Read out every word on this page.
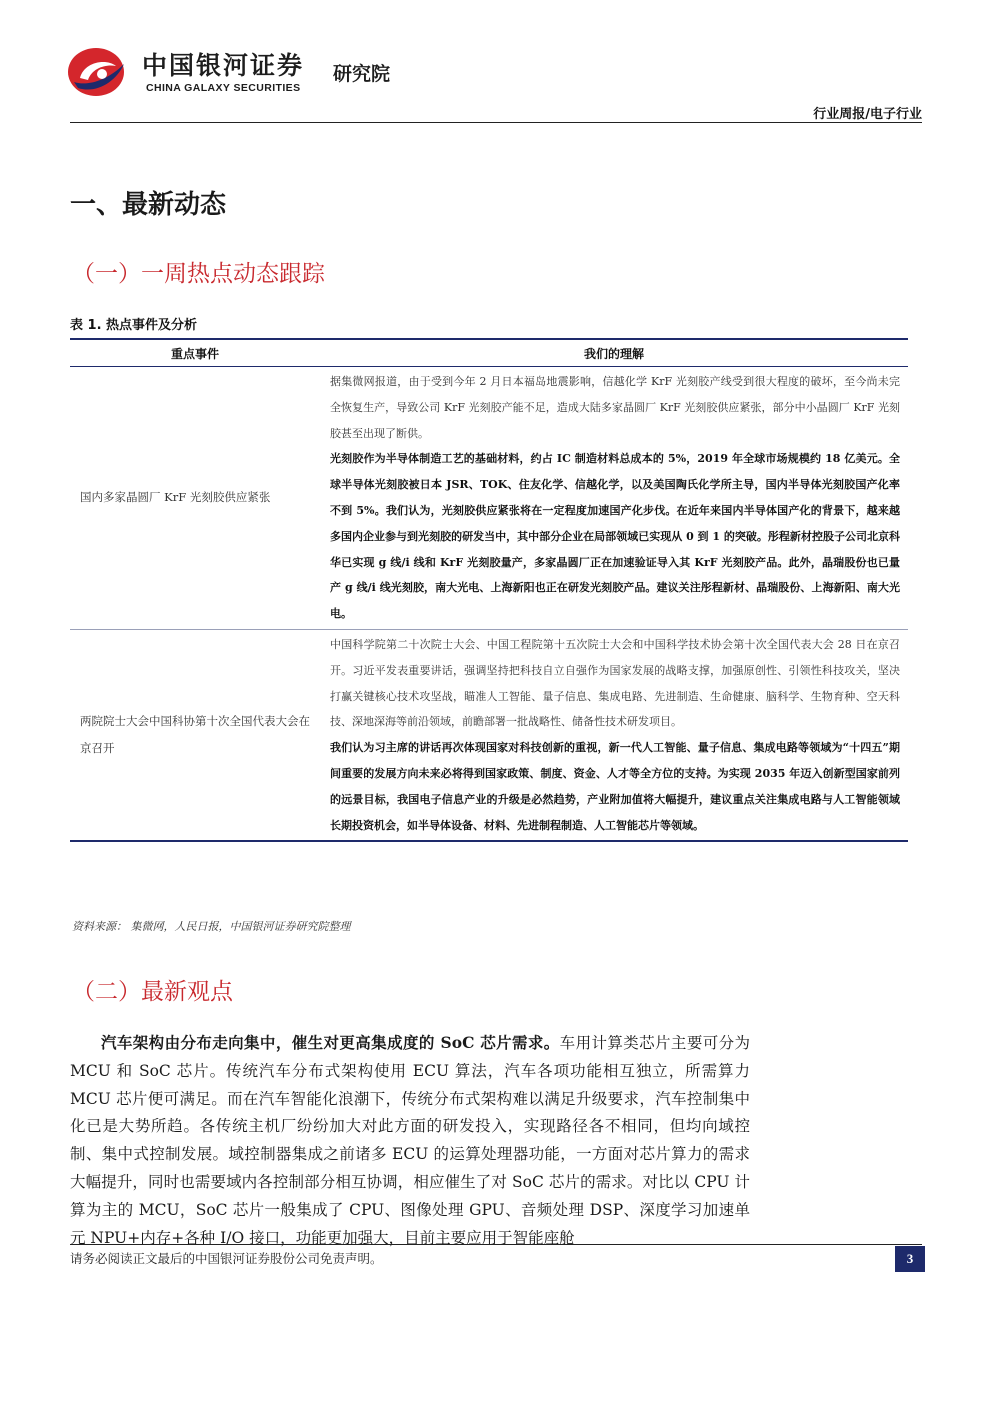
中国银河证券
CHINA GALAXY SECURITIES
研究院
行业周报/电子行业
一、最新动态
（一）一周热点动态跟踪
表 1. 热点事件及分析
重点事件	我们的理解
国内多家晶圆厂 KrF 光刻胶供应紧张

据集微网报道，由于受到今年 2 月日本福岛地震影响，信越化学 KrF 光刻胶产线受到很大程度的破坏，至今尚未完全恢复生产，导致公司 KrF 光刻胶产能不足，造成大陆多家晶圆厂 KrF 光刻胶供应紧张，部分中小晶圆厂 KrF 光刻胶甚至出现了断供。

光刻胶作为半导体制造工艺的基础材料，约占 IC 制造材料总成本的 5%，2019 年全球市场规模约 18 亿美元。全球半导体光刻胶被日本 JSR、TOK、住友化学、信越化学，以及美国陶氏化学所主导，国内半导体光刻胶国产化率不到 5%。我们认为，光刻胶供应紧张将在一定程度加速国产化步伐。在近年来国内半导体国产化的背景下，越来越多国内企业参与到光刻胶的研发当中，其中部分企业在局部领域已实现从 0 到 1 的突破。彤程新材控股子公司北京科华已实现 g 线/i 线和 KrF 光刻胶量产，多家晶圆厂正在加速验证导入其 KrF 光刻胶产品。此外，晶瑞股份也已量产 g 线/i 线光刻胶，南大光电、上海新阳也正在研发光刻胶产品。建议关注彤程新材、晶瑞股份、上海新阳、南大光电。

两院院士大会中国科协第十次全国代表大会在京召开

中国科学院第二十次院士大会、中国工程院第十五次院士大会和中国科学技术协会第十次全国代表大会 28 日在京召开。习近平发表重要讲话，强调坚持把科技自立自强作为国家发展的战略支撑，加强原创性、引领性科技攻关，坚决打赢关键核心技术攻坚战，瞄准人工智能、量子信息、集成电路、先进制造、生命健康、脑科学、生物育种、空天科技、深地深海等前沿领域，前瞻部署一批战略性、储备性技术研发项目。

我们认为习主席的讲话再次体现国家对科技创新的重视，新一代人工智能、量子信息、集成电路等领域为“十四五”期间重要的发展方向未来必将得到国家政策、制度、资金、人才等全方位的支持。为实现 2035 年迈入创新型国家前列的远景目标，我国电子信息产业的升级是必然趋势，产业附加值将大幅提升，建议重点关注集成电路与人工智能领域长期投资机会，如半导体设备、材料、先进制程制造、人工智能芯片等领域。

资料来源： 集微网，人民日报，中国银河证券研究院整理
（二）最新观点

汽车架构由分布走向集中，催生对更高集成度的 SoC 芯片需求。车用计算类芯片主要可分为 MCU 和 SoC 芯片。传统汽车分布式架构使用 ECU 算法，汽车各项功能相互独立，所需算力 MCU 芯片便可满足。而在汽车智能化浪潮下，传统分布式架构难以满足升级要求，汽车控制集中化已是大势所趋。各传统主机厂纷纷加大对此方面的研发投入，实现路径各不相同，但均向域控制、集中式控制发展。域控制器集成之前诸多 ECU 的运算处理器功能，一方面对芯片算力的需求大幅提升，同时也需要域内各控制部分相互协调，相应催生了对 SoC 芯片的需求。对比以 CPU 计算为主的 MCU，SoC 芯片一般集成了 CPU、图像处理 GPU、音频处理 DSP、深度学习加速单元 NPU+内存+各种 I/O 接口，功能更加强大，目前主要应用于智能座舱

请务必阅读正文最后的中国银河证券股份公司免责声明。	3
